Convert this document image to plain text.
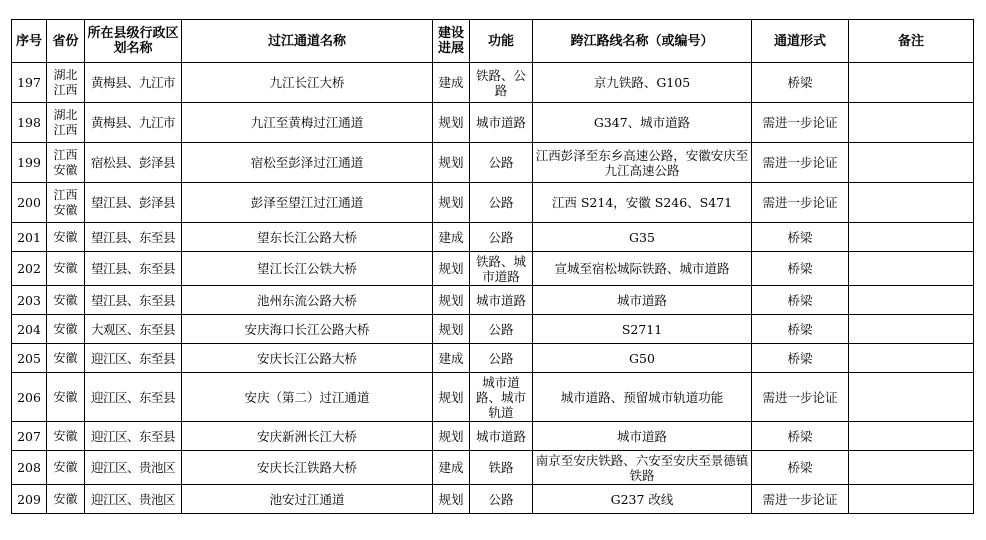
序号	省份	所在县级行政区划名称	过江通道名称	建设进展	功能	跨江路线名称（或编号）	通道形式	备注
197	湖北江西	黄梅县、九江市	九江长江大桥	建成	铁路、公路	京九铁路、G105	桥梁	
198	湖北江西	黄梅县、九江市	九江至黄梅过江通道	规划	城市道路	G347、城市道路	需进一步论证	
199	江西安徽	宿松县、彭泽县	宿松至彭泽过江通道	规划	公路	江西彭泽至东乡高速公路，安徽安庆至九江高速公路	需进一步论证	
200	江西安徽	望江县、彭泽县	彭泽至望江过江通道	规划	公路	江西 S214，安徽 S246、S471	需进一步论证	
201	安徽	望江县、东至县	望东长江公路大桥	建成	公路	G35	桥梁	
202	安徽	望江县、东至县	望江长江公铁大桥	规划	铁路、城市道路	宣城至宿松城际铁路、城市道路	桥梁	
203	安徽	望江县、东至县	池州东流公路大桥	规划	城市道路	城市道路	桥梁	
204	安徽	大观区、东至县	安庆海口长江公路大桥	规划	公路	S2711	桥梁	
205	安徽	迎江区、东至县	安庆长江公路大桥	建成	公路	G50	桥梁	
206	安徽	迎江区、东至县	安庆（第二）过江通道	规划	城市道路、城市轨道	城市道路、预留城市轨道功能	需进一步论证	
207	安徽	迎江区、东至县	安庆新洲长江大桥	规划	城市道路	城市道路	桥梁	
208	安徽	迎江区、贵池区	安庆长江铁路大桥	建成	铁路	南京至安庆铁路、六安至安庆至景德镇铁路	桥梁	
209	安徽	迎江区、贵池区	池安过江通道	规划	公路	G237 改线	需进一步论证	
